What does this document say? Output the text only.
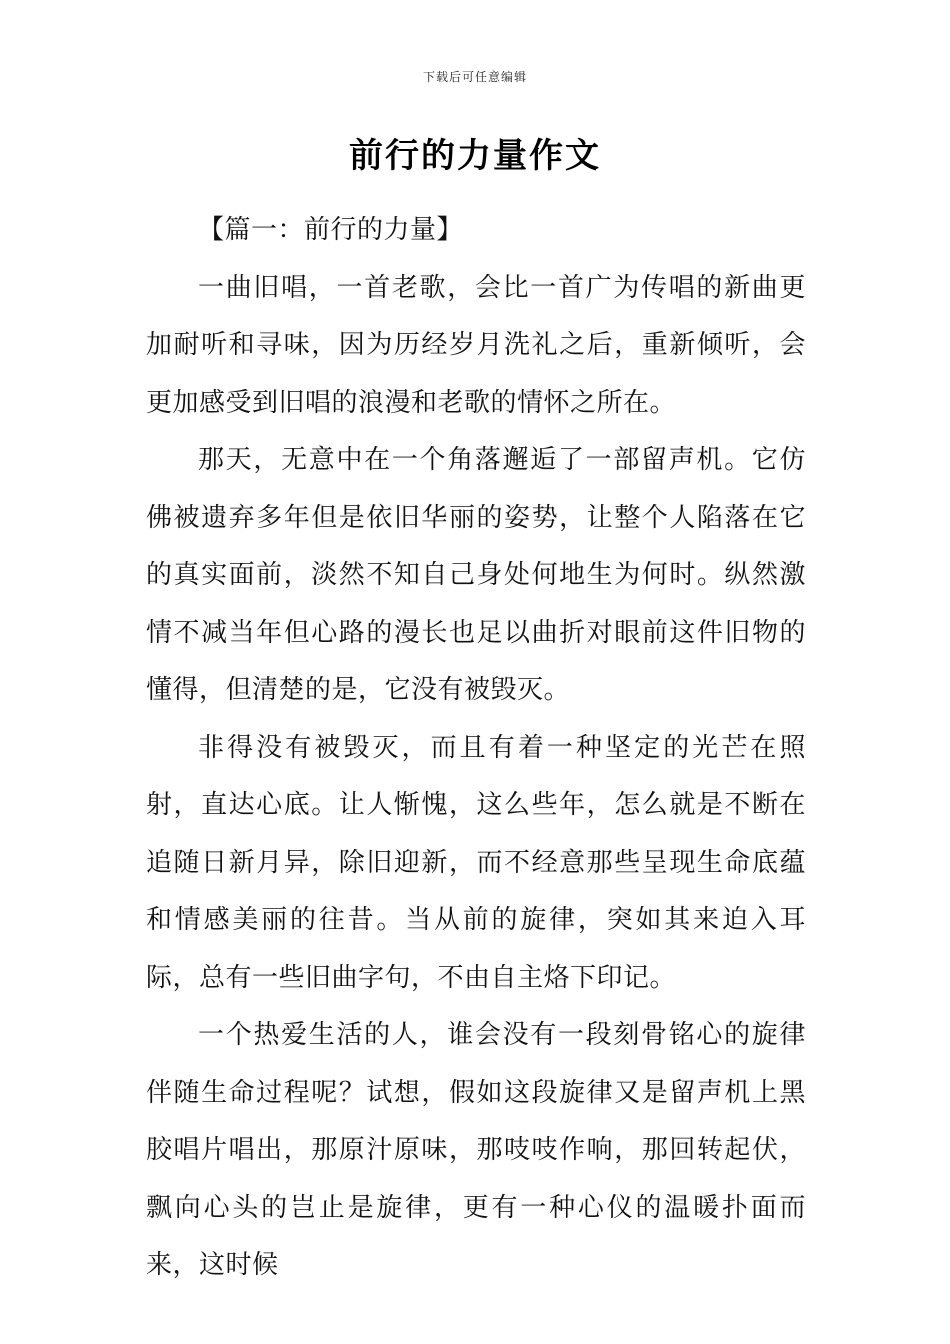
下载后可任意编辑
前行的力量作文

【篇一：前行的力量】

一曲旧唱，一首老歌，会比一首广为传唱的新曲更加耐听和寻味，因为历经岁月洗礼之后，重新倾听，会更加感受到旧唱的浪漫和老歌的情怀之所在。

那天，无意中在一个角落邂逅了一部留声机。它仿佛被遗弃多年但是依旧华丽的姿势，让整个人陷落在它的真实面前，淡然不知自己身处何地生为何时。纵然激情不减当年但心路的漫长也足以曲折对眼前这件旧物的懂得，但清楚的是，它没有被毁灭。

非得没有被毁灭，而且有着一种坚定的光芒在照射，直达心底。让人惭愧，这么些年，怎么就是不断在追随日新月异，除旧迎新，而不经意那些呈现生命底蕴和情感美丽的往昔。当从前的旋律，突如其来迫入耳际，总有一些旧曲字句，不由自主烙下印记。

一个热爱生活的人，谁会没有一段刻骨铭心的旋律伴随生命过程呢？试想，假如这段旋律又是留声机上黑胶唱片唱出，那原汁原味，那吱吱作响，那回转起伏，飘向心头的岂止是旋律，更有一种心仪的温暖扑面而来，这时候
